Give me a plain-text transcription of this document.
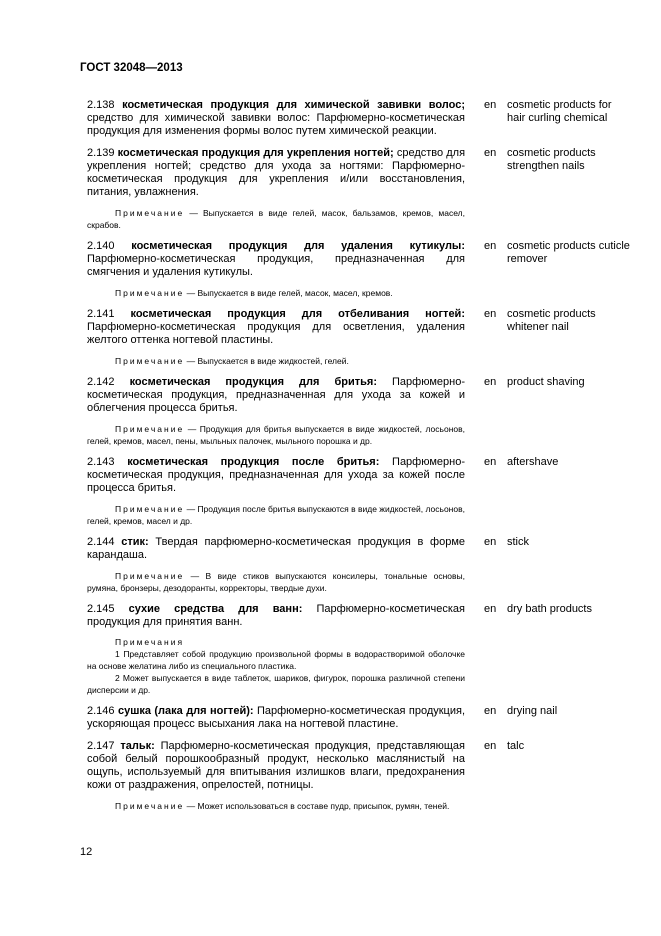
ГОСТ 32048—2013
2.138 косметическая продукция для химической завивки волос; средство для химической завивки волос: Парфюмерно-косметическая продукция для изменения формы волос путем химической реакции.
en cosmetic products for hair curling chemical
2.139 косметическая продукция для укрепления ногтей; средство для укрепления ногтей; средство для ухода за ногтями: Парфюмерно-косметическая продукция для укрепления и/или восстановления, питания, увлажнения.
Примечание — Выпускается в виде гелей, масок, бальзамов, кремов, масел, скрабов.
en cosmetic products strengthen nails
2.140 косметическая продукция для удаления кутикулы: Парфюмерно-косметическая продукция, предназначенная для смягчения и удаления кутикулы.
Примечание — Выпускается в виде гелей, масок, масел, кремов.
en cosmetic products cuticle remover
2.141 косметическая продукция для отбеливания ногтей: Парфюмерно-косметическая продукция для осветления, удаления желтого оттенка ногтевой пластины.
Примечание — Выпускается в виде жидкостей, гелей.
en cosmetic products whitener nail
2.142 косметическая продукция для бритья: Парфюмерно-косметическая продукция, предназначенная для ухода за кожей и облегчения процесса бритья.
Примечание — Продукция для бритья выпускается в виде жидкостей, лосьонов, гелей, кремов, масел, пены, мыльных палочек, мыльного порошка и др.
en product shaving
2.143 косметическая продукция после бритья: Парфюмерно-косметическая продукция, предназначенная для ухода за кожей после процесса бритья.
Примечание — Продукция после бритья выпускаются в виде жидкостей, лосьонов, гелей, кремов, масел и др.
en aftershave
2.144 стик: Твердая парфюмерно-косметическая продукция в форме карандаша.
Примечание — В виде стиков выпускаются консилеры, тональные основы, румяна, бронзеры, дезодоранты, корректоры, твердые духи.
en stick
2.145 сухие средства для ванн: Парфюмерно-косметическая продукция для принятия ванн.
Примечания
1 Представляет собой продукцию произвольной формы в водорастворимой оболочке на основе желатина либо из специального пластика.
2 Может выпускается в виде таблеток, шариков, фигурок, порошка различной степени дисперсии и др.
en dry bath products
2.146 сушка (лака для ногтей): Парфюмерно-косметическая продукция, ускоряющая процесс высыхания лака на ногтевой пластине.
en drying nail
2.147 тальк: Парфюмерно-косметическая продукция, представляющая собой белый порошкообразный продукт, несколько маслянистый на ощупь, используемый для впитывания излишков влаги, предохранения кожи от раздражения, опрелостей, потницы.
Примечание — Может использоваться в составе пудр, присыпок, румян, теней.
en talc
12
